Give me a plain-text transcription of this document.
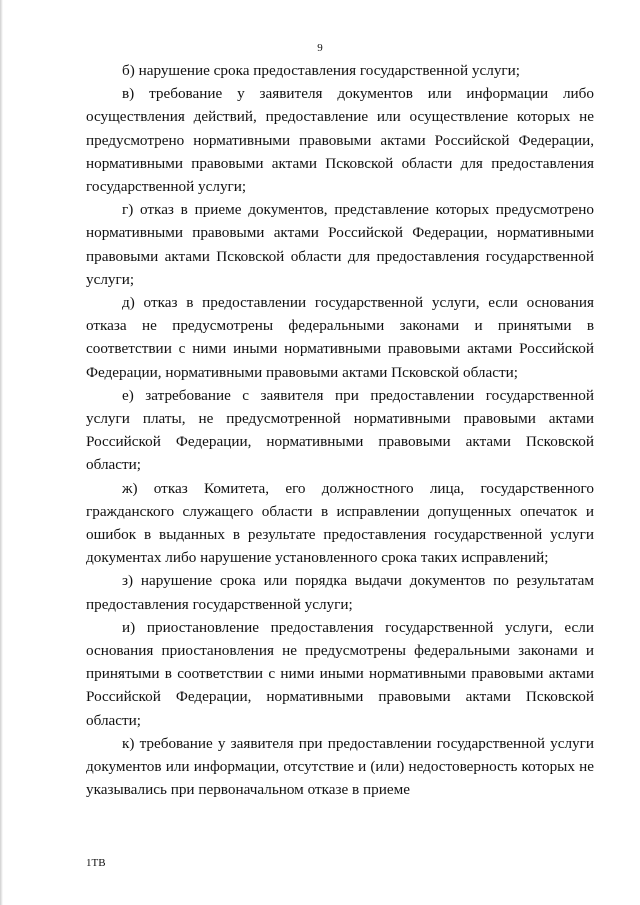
9

б) нарушение срока предоставления государственной услуги;

в) требование у заявителя документов или информации либо осуществления действий, предоставление или осуществление которых не предусмотрено нормативными правовыми актами Российской Федерации, нормативными правовыми актами Псковской области для предоставления государственной услуги;

г) отказ в приеме документов, представление которых предусмотрено нормативными правовыми актами Российской Федерации, нормативными правовыми актами Псковской области для предоставления государственной услуги;

д) отказ в предоставлении государственной услуги, если основания отказа не предусмотрены федеральными законами и принятыми в соответствии с ними иными нормативными правовыми актами Российской Федерации, нормативными правовыми актами Псковской области;

е) затребование с заявителя при предоставлении государственной услуги платы, не предусмотренной нормативными правовыми актами Российской Федерации, нормативными правовыми актами Псковской области;

ж) отказ Комитета, его должностного лица, государственного гражданского служащего области в исправлении допущенных опечаток и ошибок в выданных в результате предоставления государственной услуги документах либо нарушение установленного срока таких исправлений;

з) нарушение срока или порядка выдачи документов по результатам предоставления государственной услуги;

и) приостановление предоставления государственной услуги, если основания приостановления не предусмотрены федеральными законами и принятыми в соответствии с ними иными нормативными правовыми актами Российской Федерации, нормативными правовыми актами Псковской области;

к) требование у заявителя при предоставлении государственной услуги документов или информации, отсутствие и (или) недостоверность которых не указывались при первоначальном отказе в приеме

1ТВ
